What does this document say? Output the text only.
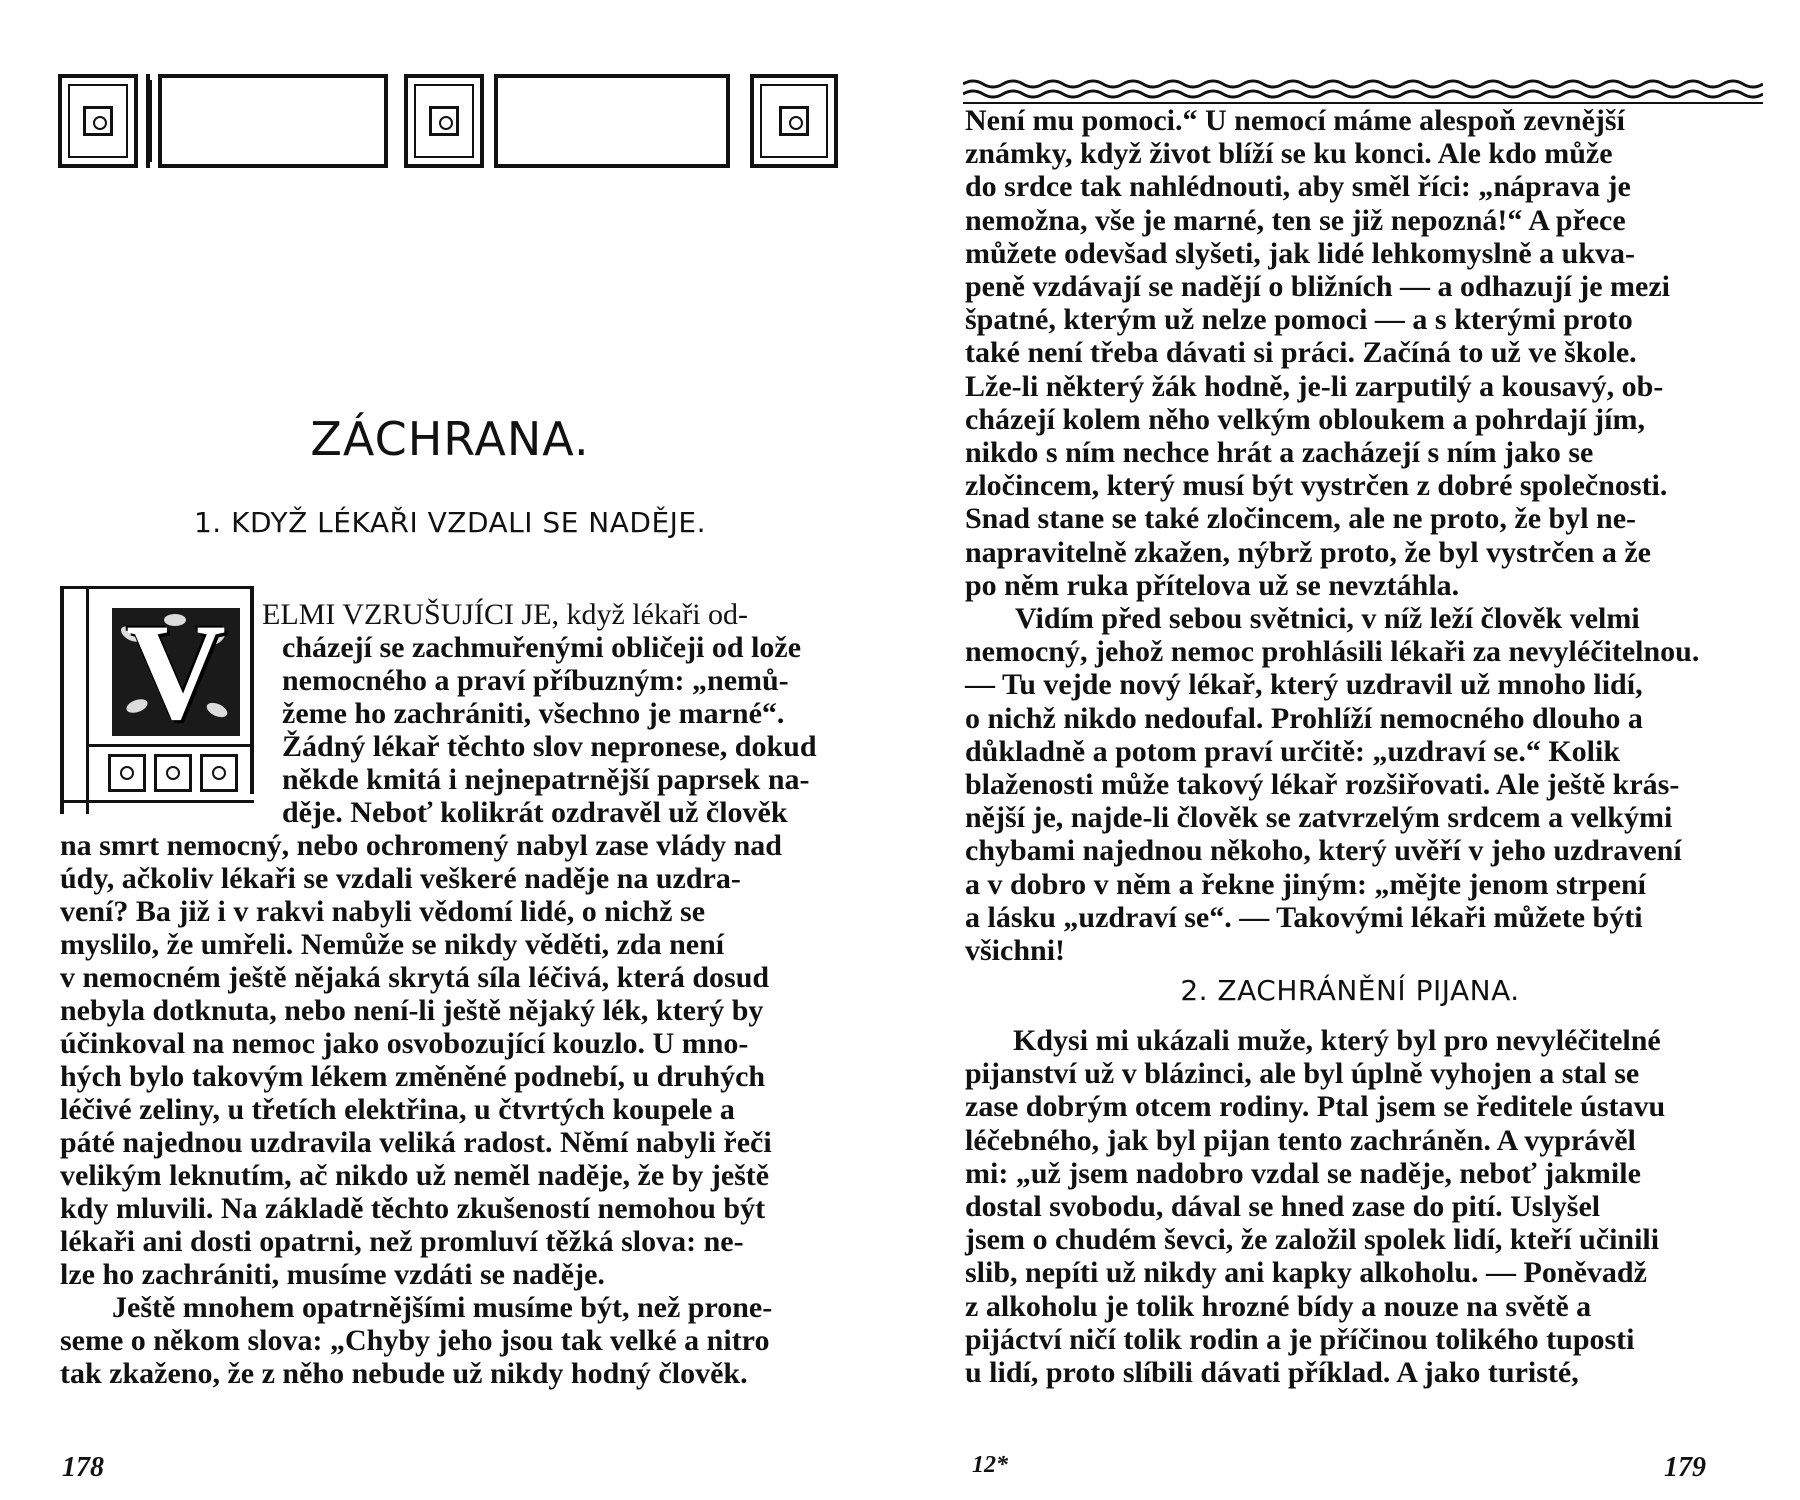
ZÁCHRANA.
1. KDYŽ LÉKAŘI VZDALI SE NADĚJE.
V	ELMI VZRUŠUJÍCI JE, když lékaři od-
cházejí se zachmuřenými obličeji od lože
nemocného a praví příbuzným: „nemů-
žeme ho zachrániti, všechno je marné“.
Žádný lékař těchto slov nepronese, dokud
někde kmitá i nejnepatrnější paprsek na-
děje. Neboť kolikrát ozdravěl už člověk
na smrt nemocný, nebo ochromený nabyl zase vlády nad
údy, ačkoliv lékaři se vzdali veškeré naděje na uzdra-
vení? Ba již i v rakvi nabyli vědomí lidé, o nichž se
myslilo, že umřeli. Nemůže se nikdy věděti, zda není
v nemocném ještě nějaká skrytá síla léčivá, která dosud
nebyla dotknuta, nebo není-li ještě nějaký lék, který by
účinkoval na nemoc jako osvobozující kouzlo. U mno-
hých bylo takovým lékem změněné podnebí, u druhých
léčivé zeliny, u třetích elektřina, u čtvrtých koupele a
páté najednou uzdravila veliká radost. Němí nabyli řeči
velikým leknutím, ač nikdo už neměl naděje, že by ještě
kdy mluvili. Na základě těchto zkušeností nemohou být
lékaři ani dosti opatrni, než promluví těžká slova: ne-
lze ho zachrániti, musíme vzdáti se naděje.
Ještě mnohem opatrnějšími musíme být, než prone-
seme o někom slova: „Chyby jeho jsou tak velké a nitro
tak zkaženo, že z něho nebude už nikdy hodný člověk.
178	12*	179
Není mu pomoci.“ U nemocí máme alespoň zevnější
známky, když život blíží se ku konci. Ale kdo může
do srdce tak nahlédnouti, aby směl říci: „náprava je
nemožna, vše je marné, ten se již nepozná!“ A přece
můžete odevšad slyšeti, jak lidé lehkomyslně a ukva-
peně vzdávají se nadějí o bližních — a odhazují je mezi
špatné, kterým už nelze pomoci — a s kterými proto
také není třeba dávati si práci. Začíná to už ve škole.
Lže-li některý žák hodně, je-li zarputilý a kousavý, ob-
cházejí kolem něho velkým obloukem a pohrdají jím,
nikdo s ním nechce hrát a zacházejí s ním jako se
zločincem, který musí být vystrčen z dobré společnosti.
Snad stane se také zločincem, ale ne proto, že byl ne-
napravitelně zkažen, nýbrž proto, že byl vystrčen a že
po něm ruka přítelova už se nevztáhla.
Vidím před sebou světnici, v níž leží člověk velmi
nemocný, jehož nemoc prohlásili lékaři za nevyléčitelnou.
— Tu vejde nový lékař, který uzdravil už mnoho lidí,
o nichž nikdo nedoufal. Prohlíží nemocného dlouho a
důkladně a potom praví určitě: „uzdraví se.“ Kolik
blaženosti může takový lékař rozšiřovati. Ale ještě krás-
nější je, najde-li člověk se zatvrzelým srdcem a velkými
chybami najednou někoho, který uvěří v jeho uzdravení
a v dobro v něm a řekne jiným: „mějte jenom strpení
a lásku „uzdraví se“. — Takovými lékaři můžete býti
všichni!
2. ZACHRÁNĚNÍ PIJANA.
Kdysi mi ukázali muže, který byl pro nevyléčitelné
pijanství už v blázinci, ale byl úplně vyhojen a stal se
zase dobrým otcem rodiny. Ptal jsem se ředitele ústavu
léčebného, jak byl pijan tento zachráněn. A vyprávěl
mi: „už jsem nadobro vzdal se naděje, neboť jakmile
dostal svobodu, dával se hned zase do pití. Uslyšel
jsem o chudém ševci, že založil spolek lidí, kteří učinili
slib, nepíti už nikdy ani kapky alkoholu. — Poněvadž
z alkoholu je tolik hrozné bídy a nouze na světě a
pijáctví ničí tolik rodin a je příčinou tolikého tuposti
u lidí, proto slíbili dávati příklad. A jako turisté,
